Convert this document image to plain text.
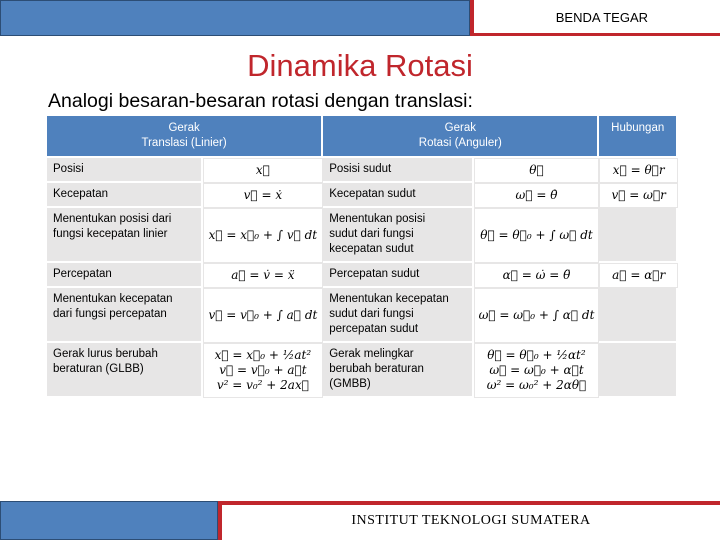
BENDA TEGAR
Dinamika Rotasi
Analogi besaran-besaran rotasi dengan translasi:
Gerak
Translasi (Linier)		Gerak
Rotasi (Anguler)		Hubungan

Posisi	x⃗	Posisi sudut	θ⃗	x⃗ = θ⃗r

Kecepatan	v⃗ = ẋ	Kecepatan sudut	ω⃗ = θ̇	v⃗ = ω⃗r

Menentukan posisi dari
fungsi kecepatan linier	x⃗ = x⃗₀ + ∫ v⃗ dt	Menentukan posisi
sudut dari fungsi
kecepatan sudut	θ⃗ = θ⃗₀ + ∫ ω⃗ dt	

Percepatan	a⃗ = v̇ = ẍ	Percepatan sudut	α⃗ = ω̇ = θ̈	a⃗ = α⃗r

Menentukan kecepatan
dari fungsi percepatan	v⃗ = v⃗₀ + ∫ a⃗ dt	Menentukan kecepatan
sudut dari fungsi
percepatan sudut	ω⃗ = ω⃗₀ + ∫ α⃗ dt	

Gerak lurus berubah
beraturan (GLBB)	x⃗ = x⃗₀ + ½at²
v⃗ = v⃗₀ + a⃗t
v² = v₀² + 2ax⃗	Gerak melingkar
berubah beraturan
(GMBB)	θ⃗ = θ⃗₀ + ½αt²
ω⃗ = ω⃗₀ + α⃗t
ω² = ω₀² + 2αθ⃗	

INSTITUT TEKNOLOGI SUMATERA
